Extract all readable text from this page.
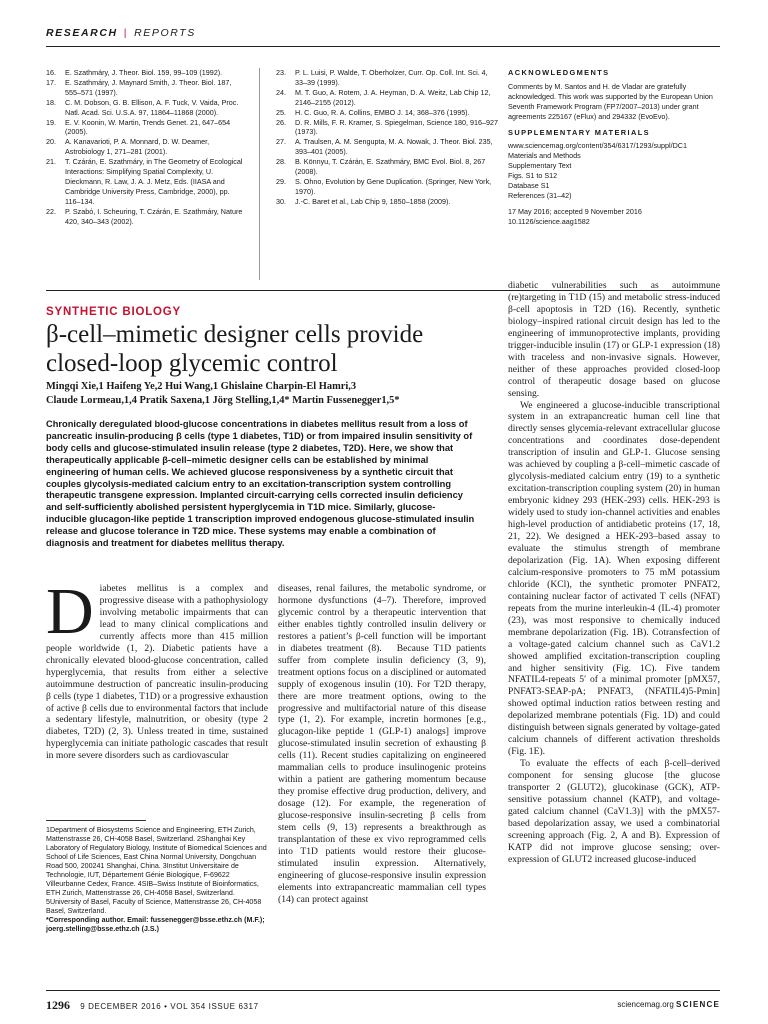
RESEARCH | REPORTS
16.	E. Szathmáry, J. Theor. Biol. 159, 99–109 (1992).
17.	E. Szathmáry, J. Maynard Smith, J. Theor. Biol. 187, 555–571 (1997).
18.	C. M. Dobson, G. B. Ellison, A. F. Tuck, V. Vaida, Proc. Natl. Acad. Sci. U.S.A. 97, 11864–11868 (2000).
19.	E. V. Koonin, W. Martin, Trends Genet. 21, 647–654 (2005).
20.	A. Kanavarioti, P. A. Monnard, D. W. Deamer, Astrobiology 1, 271–281 (2001).
21.	T. Czárán, E. Szathmáry, in The Geometry of Ecological Interactions: Simplifying Spatial Complexity, U. Dieckmann, R. Law, J. A. J. Metz, Eds. (IIASA and Cambridge University Press, Cambridge, 2000), pp. 116–134.
22.	P. Szabó, I. Scheuring, T. Czárán, E. Szathmáry, Nature 420, 340–343 (2002).
23.	P. L. Luisi, P. Walde, T. Oberholzer, Curr. Op. Coll. Int. Sci. 4, 33–39 (1999).
24.	M. T. Guo, A. Rotem, J. A. Heyman, D. A. Weitz, Lab Chip 12, 2146–2155 (2012).
25.	H. C. Guo, R. A. Collins, EMBO J. 14, 368–376 (1995).
26.	D. R. Mills, F. R. Kramer, S. Spiegelman, Science 180, 916–927 (1973).
27.	A. Traulsen, A. M. Sengupta, M. A. Nowak, J. Theor. Biol. 235, 393–401 (2005).
28.	B. Könnyu, T. Czárán, E. Szathmáry, BMC Evol. Biol. 8, 267 (2008).
29.	S. Ohno, Evolution by Gene Duplication. (Springer, New York, 1970).
30.	J.-C. Baret et al., Lab Chip 9, 1850–1858 (2009).
ACKNOWLEDGMENTS

Comments by M. Santos and H. de Vladar are gratefully acknowledged. This work was supported by the European Union Seventh Framework Program (FP7/2007–2013) under grant agreements 225167 (eFlux) and 294332 (EvoEvo).

SUPPLEMENTARY MATERIALS

www.sciencemag.org/content/354/6317/1293/suppl/DC1
Materials and Methods
Supplementary Text
Figs. S1 to S12
Database S1
References (31–42)

17 May 2016; accepted 9 November 2016
10.1126/science.aag1582

SYNTHETIC BIOLOGY
β-cell–mimetic designer cells provide closed-loop glycemic control
Mingqi Xie,1 Haifeng Ye,2 Hui Wang,1 Ghislaine Charpin-El Hamri,3
Claude Lormeau,1,4 Pratik Saxena,1 Jörg Stelling,1,4* Martin Fussenegger1,5*
Chronically deregulated blood-glucose concentrations in diabetes mellitus result from a loss of pancreatic insulin-producing β cells (type 1 diabetes, T1D) or from impaired insulin sensitivity of body cells and glucose-stimulated insulin release (type 2 diabetes, T2D). Here, we show that therapeutically applicable β-cell–mimetic designer cells can be established by minimal engineering of human cells. We achieved glucose responsiveness by a synthetic circuit that couples glycolysis-mediated calcium entry to an excitation-transcription system controlling therapeutic transgene expression. Implanted circuit-carrying cells corrected insulin deficiency and self-sufficiently abolished persistent hyperglycemia in T1D mice. Similarly, glucose-inducible glucagon-like peptide 1 transcription improved endogenous glucose-stimulated insulin release and glucose tolerance in T2D mice. These systems may enable a combination of diagnosis and treatment for diabetes mellitus therapy.
Diabetes mellitus is a complex and progressive disease with a pathophysiology involving metabolic impairments that can lead to many clinical complications and currently affects more than 415 million people worldwide (1, 2). Diabetic patients have a chronically elevated blood-glucose concentration, called hyperglycemia, that results from either a selective autoimmune destruction of pancreatic insulin-producing β cells (type 1 diabetes, T1D) or a progressive exhaustion of active β cells due to environmental factors that include a sedentary lifestyle, malnutrition, or obesity (type 2 diabetes, T2D) (2, 3). Unless treated in time, sustained hyperglycemia can initiate pathologic cascades that result in more severe disorders such as cardiovascular
1Department of Biosystems Science and Engineering, ETH Zurich, Mattenstrasse 26, CH-4058 Basel, Switzerland. 2Shanghai Key Laboratory of Regulatory Biology, Institute of Biomedical Sciences and School of Life Sciences, East China Normal University, Dongchuan Road 500, 200241 Shanghai, China. 3Institut Universitaire de Technologie, IUT, Département Génie Biologique, F-69622 Villeurbanne Cedex, France. 4SIB–Swiss Institute of Bioinformatics, ETH Zurich, Mattenstrasse 26, CH-4058 Basel, Switzerland. 5University of Basel, Faculty of Science, Mattenstrasse 26, CH-4058 Basel, Switzerland.
*Corresponding author. Email: fussenegger@bsse.ethz.ch (M.F.); joerg.stelling@bsse.ethz.ch (J.S.)
diseases, renal failures, the metabolic syndrome, or hormone dysfunctions (4–7). Therefore, improved glycemic control by a therapeutic intervention that either enables tightly controlled insulin delivery or restores a patient’s β-cell function will be important in diabetes treatment (8).   Because T1D patients suffer from complete insulin deficiency (3, 9), treatment options focus on a disciplined or automated supply of exogenous insulin (10). For T2D therapy, there are more treatment options, owing to the progressive and multifactorial nature of this disease type (1, 2). For example, incretin hormones [e.g., glucagon-like peptide 1 (GLP-1) analogs] improve glucose-stimulated insulin secretion of exhausting β cells (11). Recent studies capitalizing on engineered mammalian cells to produce insulinogenic proteins within a patient are gathering momentum because they promise effective drug production, delivery, and dosage (12). For example, the regeneration of glucose-responsive insulin-secreting β cells from stem cells (9, 13) represents a breakthrough as transplantation of these ex vivo reprogrammed cells into T1D patients would restore their glucose-stimulated insulin expression. Alternatively, engineering of glucose-responsive insulin expression elements into extrapancreatic mammalian cell types (14) can protect against
diabetic vulnerabilities such as autoimmune (re)targeting in T1D (15) and metabolic stress-induced β-cell apoptosis in T2D (16). Recently, synthetic biology–inspired rational circuit design has led to the engineering of immunoprotective implants, providing trigger-inducible insulin (17) or GLP-1 expression (18) with traceless and non-invasive signals. However, neither of these approaches provided closed-loop control of therapeutic dosage based on glucose sensing.
We engineered a glucose-inducible transcriptional system in an extrapancreatic human cell line that directly senses glycemia-relevant extracellular glucose concentrations and coordinates dose-dependent transcription of insulin and GLP-1. Glucose sensing was achieved by coupling a β-cell–mimetic cascade of glycolysis-mediated calcium entry (19) to a synthetic excitation-transcription coupling system (20) in human embryonic kidney 293 (HEK-293) cells. HEK-293 is widely used to study ion-channel activities and enables high-level production of antidiabetic proteins (17, 18, 21, 22). We designed a HEK-293–based assay to evaluate the stimulus strength of membrane depolarization (Fig. 1A). When exposing different calcium-responsive promoters to 75 mM potassium chloride (KCl), the synthetic promoter PNFAT2, containing nuclear factor of activated T cells (NFAT) repeats from the murine interleukin-4 (IL-4) promoter (23), was most responsive to chemically induced membrane depolarization (Fig. 1B). Cotransfection of a voltage-gated calcium channel such as CaV1.2 showed amplified excitation-transcription coupling and higher sensitivity (Fig. 1C). Five tandem NFATIL4-repeats 5′ of a minimal promoter [pMX57, PNFAT3-SEAP-pA; PNFAT3, (NFATIL4)5-Pmin] showed optimal induction ratios between resting and depolarized membrane potentials (Fig. 1D) and could distinguish between signals generated by voltage-gated calcium channels of different activation thresholds (Fig. 1E).
To evaluate the effects of each β-cell–derived component for sensing glucose [the glucose transporter 2 (GLUT2), glucokinase (GCK), ATP-sensitive potassium channel (KATP), and voltage-gated calcium channel (CaV1.3)] with the pMX57-based depolarization assay, we used a combinatorial screening approach (Fig. 2, A and B). Expression of KATP did not improve glucose sensing; over-expression of GLUT2 increased glucose-induced
1296 9 DECEMBER 2016 • VOL 354 ISSUE 6317	sciencemag.org SCIENCE
